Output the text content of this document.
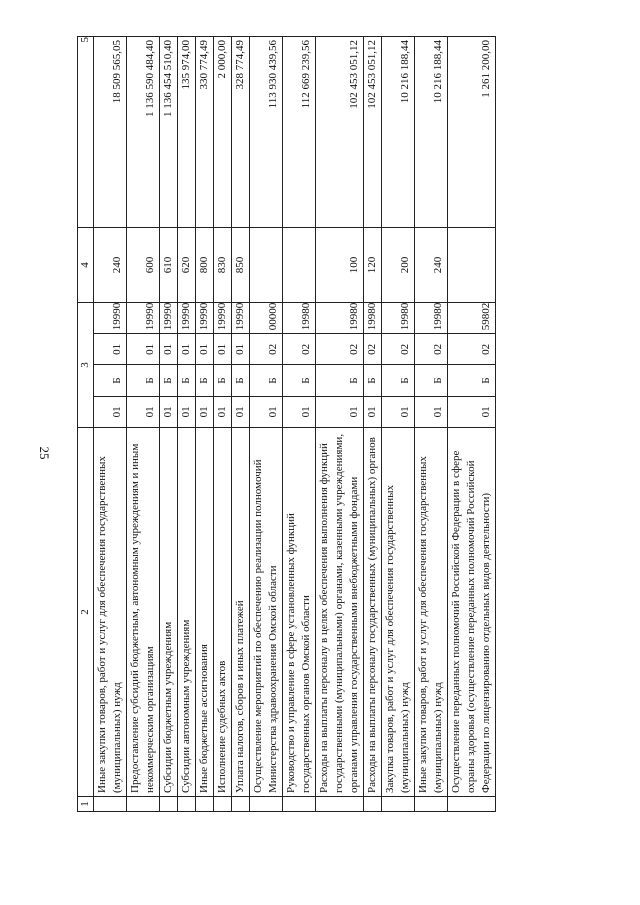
25
1	2	3				4	5
	Иные закупки товаров, работ и услуг для обеспечения государственных (муниципальных) нужд	01	Б	01	19990	240	18 509 565,05
	Предоставление субсидий бюджетным, автономным учреждениям и иным некоммерческим организациям	01	Б	01	19990	600	1 136 590 484,40
	Субсидии бюджетным учреждениям	01	Б	01	19990	610	1 136 454 510,40
	Субсидии автономным учреждениям	01	Б	01	19990	620	135 974,00
	Иные бюджетные ассигнования	01	Б	01	19990	800	330 774,49
	Исполнение судебных актов	01	Б	01	19990	830	2 000,00
	Уплата налогов, сборов и иных платежей	01	Б	01	19990	850	328 774,49
	Осуществление мероприятий по обеспечению реализации полномочий Министерства здравоохранения Омской области	01	Б	02	00000		113 930 439,56
	Руководство и управление в сфере установленных функций государственных органов Омской области	01	Б	02	19980		112 669 239,56
	Расходы на выплаты персоналу в целях обеспечения выполнения функций государственными (муниципальными) органами, казенными учреждениями, органами управления государственными внебюджетными фондами	01	Б	02	19980	100	102 453 051,12
	Расходы на выплаты персоналу государственных (муниципальных) органов	01	Б	02	19980	120	102 453 051,12
	Закупка товаров, работ и услуг для обеспечения государственных (муниципальных) нужд	01	Б	02	19980	200	10 216 188,44
	Иные закупки товаров, работ и услуг для обеспечения государственных (муниципальных) нужд	01	Б	02	19980	240	10 216 188,44
	Осуществление переданных полномочий Российской Федерации в сфере охраны здоровья (осуществление переданных полномочий Российской Федерации по лицензированию отдельных видов деятельности)	01	Б	02	59802		1 261 200,00
